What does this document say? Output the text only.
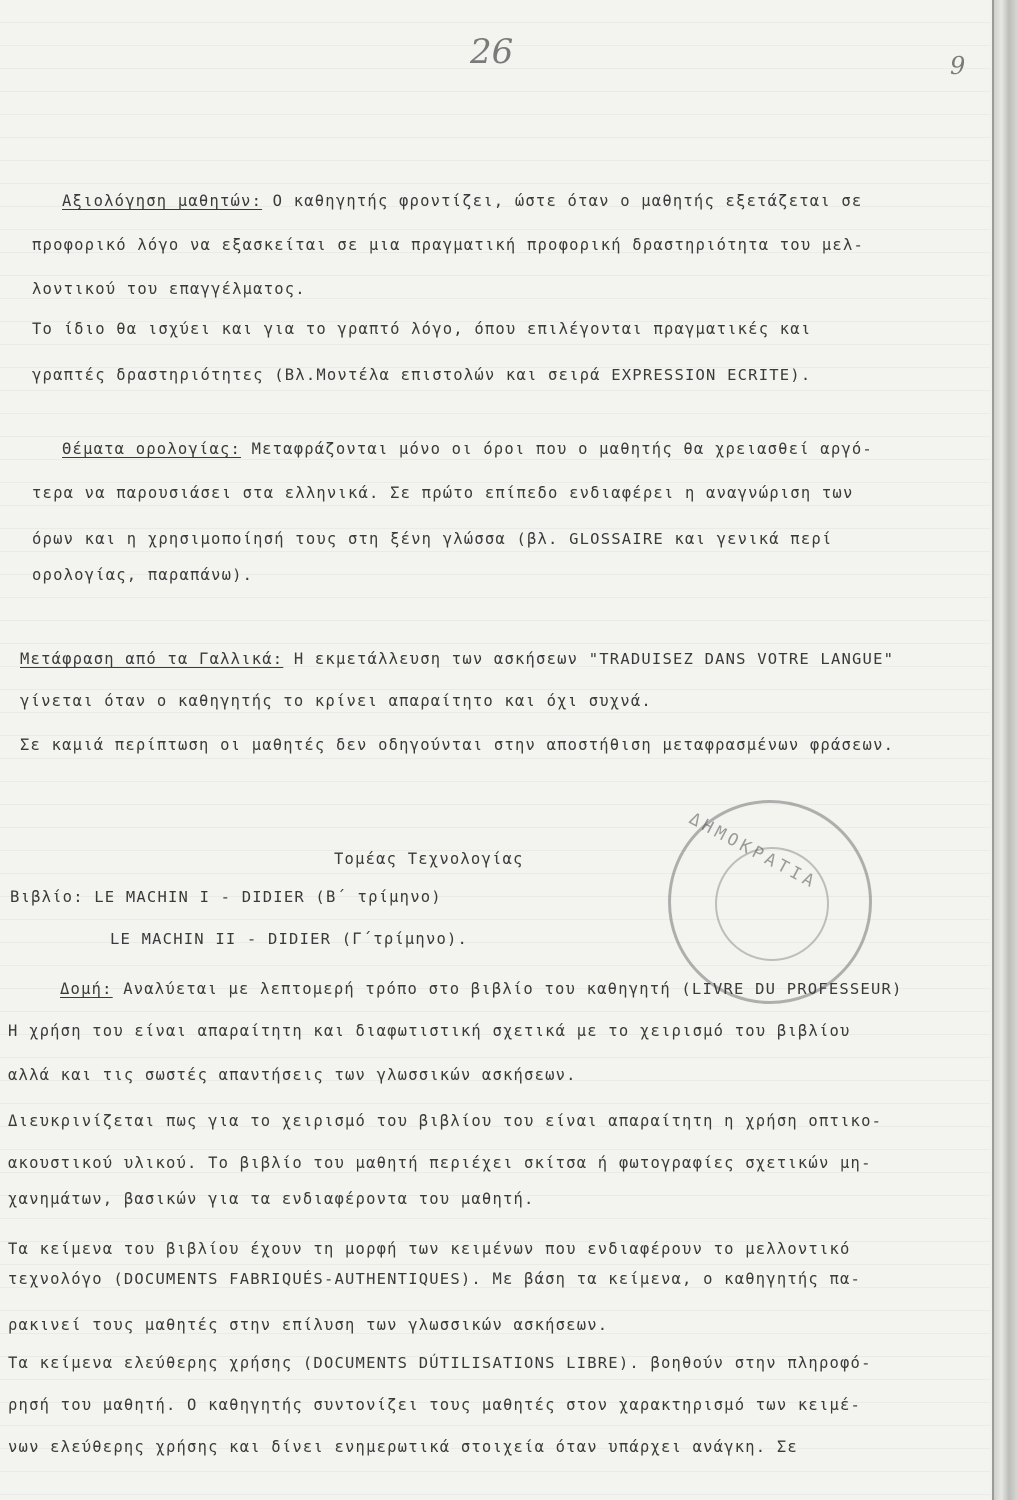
26	9
ΔΗΜΟΚΡΑΤΙΑ
Αξιολόγηση μαθητών: Ο καθηγητής φροντίζει, ώστε όταν ο μαθητής εξετάζεται σε
προφορικό λόγο να εξασκείται σε μια πραγματική προφορική δραστηριότητα του μελ-
λοντικού του επαγγέλματος.
Το ίδιο θα ισχύει και για το γραπτό λόγο, όπου επιλέγονται πραγματικές και
γραπτές δραστηριότητες (Βλ.Μοντέλα επιστολών και σειρά EXPRESSION ECRITE).
Θέματα ορολογίας: Μεταφράζονται μόνο οι όροι που ο μαθητής θα χρειασθεί αργό-
τερα να παρουσιάσει στα ελληνικά. Σε πρώτο επίπεδο ενδιαφέρει η αναγνώριση των
όρων και η χρησιμοποίησή τους στη ξένη γλώσσα (βλ. GLOSSAIRE και γενικά περί
ορολογίας, παραπάνω).
Μετάφραση από τα Γαλλικά: Η εκμετάλλευση των ασκήσεων "TRADUISEZ DANS VOTRE LANGUE"
γίνεται όταν ο καθηγητής το κρίνει απαραίτητο και όχι συχνά.
Σε καμιά περίπτωση οι μαθητές δεν οδηγούνται στην αποστήθιση μεταφρασμένων φράσεων.
Τομέας Τεχνολογίας
Βιβλίο: LE MACHIN I - DIDIER (Β΄ τρίμηνο)
LE MACHIN II - DIDIER (Γ΄τρίμηνο).
Δομή: Αναλύεται με λεπτομερή τρόπο στο βιβλίο του καθηγητή (LIVRE DU PROFESSEUR)
Η χρήση του είναι απαραίτητη και διαφωτιστική σχετικά με το χειρισμό του βιβλίου
αλλά και τις σωστές απαντήσεις των γλωσσικών ασκήσεων.
Διευκρινίζεται πως για το χειρισμό του βιβλίου του είναι απαραίτητη η χρήση οπτικο-
ακουστικού υλικού. Το βιβλίο του μαθητή περιέχει σκίτσα ή φωτογραφίες σχετικών μη-
χανημάτων, βασικών για τα ενδιαφέροντα του μαθητή.
Τα κείμενα του βιβλίου έχουν τη μορφή των κειμένων που ενδιαφέρουν το μελλοντικό
τεχνολόγο (DOCUMENTS FABRIQUÉS-AUTHENTIQUES). Με βάση τα κείμενα, ο καθηγητής πα-
ρακινεί τους μαθητές στην επίλυση των γλωσσικών ασκήσεων.
Τα κείμενα ελεύθερης χρήσης (DOCUMENTS DÚTILISATIONS LIBRE). βοηθούν στην πληροφό-
ρησή του μαθητή. Ο καθηγητής συντονίζει τους μαθητές στον χαρακτηρισμό των κειμέ-
νων ελεύθερης χρήσης και δίνει ενημερωτικά στοιχεία όταν υπάρχει ανάγκη. Σε
